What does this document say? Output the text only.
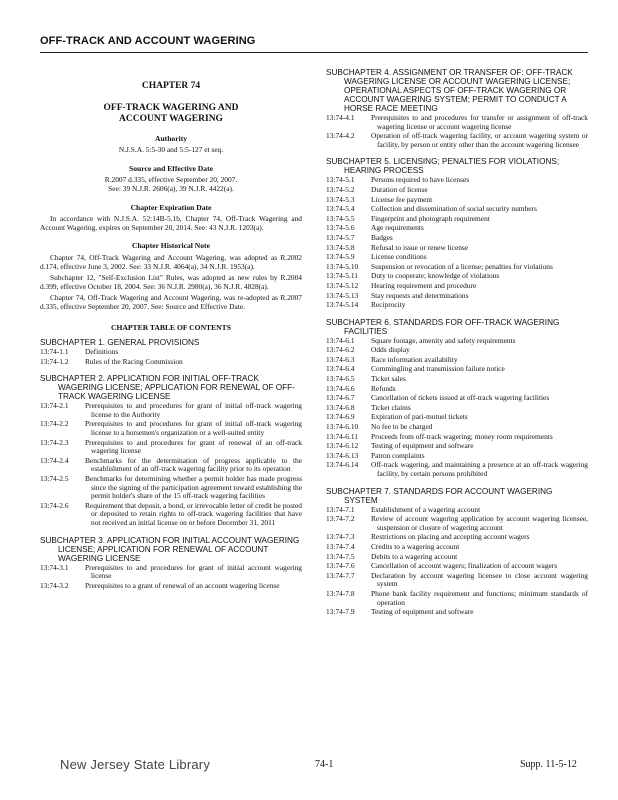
OFF-TRACK AND ACCOUNT WAGERING
CHAPTER 74
OFF-TRACK WAGERING AND
ACCOUNT WAGERING
Authority
N.J.S.A. 5:5-30 and 5:5-127 et seq.
Source and Effective Date
R.2007 d.335, effective September 20, 2007.
See: 39 N.J.R. 2606(a), 39 N.J.R. 4422(a).
Chapter Expiration Date
In accordance with N.J.S.A. 52:14B-5.1b, Chapter 74, Off-Track Wagering and Account Wagering, expires on September 20, 2014. See: 43 N.J.R. 1203(a).
Chapter Historical Note
Chapter 74, Off-Track Wagering and Account Wagering, was adopted as R.2002 d.174, effective June 3, 2002. See: 33 N.J.R. 4064(a), 34 N.J.R. 1953(a).
Subchapter 12, "Self-Exclusion List" Rules, was adopted as new rules by R.2004 d.399, effective October 18, 2004. See: 36 N.J.R. 2980(a), 36 N.J.R. 4828(a).
Chapter 74, Off-Track Wagering and Account Wagering, was re-adopted as R.2007 d.335, effective September 20, 2007. See: Source and Effective Date.
CHAPTER TABLE OF CONTENTS
SUBCHAPTER 1. GENERAL PROVISIONS
13:74-1.1	Definitions
13:74-1.2	Rules of the Racing Commission
SUBCHAPTER 2. APPLICATION FOR INITIAL OFF-TRACK WAGERING LICENSE; APPLICATION FOR RENEWAL OF OFF-TRACK WAGERING LICENSE
13:74-2.1	Prerequisites to and procedures for grant of initial off-track wagering license to the Authority
13:74-2.2	Prerequisites to and procedures for grant of initial off-track wagering license to a horsemen's organization or a well-suited entity
13:74-2.3	Prerequisites to and procedures for grant of renewal of an off-track wagering license
13:74-2.4	Benchmarks for the determination of progress applicable to the establishment of an off-track wagering facility prior to its operation
13:74-2.5	Benchmarks for determining whether a permit holder has made progress since the signing of the participation agreement toward establishing the permit holder's share of the 15 off-track wagering facilities
13:74-2.6	Requirement that deposit, a bond, or irrevocable letter of credit be posted or deposited to retain rights to off-track wagering facilities that have not received an initial license on or before December 31, 2011
SUBCHAPTER 3. APPLICATION FOR INITIAL ACCOUNT WAGERING LICENSE; APPLICATION FOR RENEWAL OF ACCOUNT WAGERING LICENSE
13:74-3.1	Prerequisites to and procedures for grant of initial account wagering license
13:74-3.2	Prerequisites to a grant of renewal of an account wagering license
SUBCHAPTER 4. ASSIGNMENT OR TRANSFER OF: OFF-TRACK WAGERING LICENSE OR ACCOUNT WAGERING LICENSE; OPERATIONAL ASPECTS OF OFF-TRACK WAGERING OR ACCOUNT WAGERING SYSTEM; PERMIT TO CONDUCT A HORSE RACE MEETING
13:74-4.1	Prerequisites to and procedures for transfer or assignment of off-track wagering license or account wagering license
13:74-4.2	Operation of off-track wagering facility, or account wagering system or facility, by person or entity other than the account wagering licensee
SUBCHAPTER 5. LICENSING; PENALTIES FOR VIOLATIONS; HEARING PROCESS
13:74-5.1	Persons required to have licenses
13:74-5.2	Duration of license
13:74-5.3	License fee payment
13:74-5.4	Collection and dissemination of social security numbers
13:74-5.5	Fingerprint and photograph requirement
13:74-5.6	Age requirements
13:74-5.7	Badges
13:74-5.8	Refusal to issue or renew license
13:74-5.9	License conditions
13:74-5.10	Suspension or revocation of a license; penalties for violations
13:74-5.11	Duty to cooperate; knowledge of violations
13:74-5.12	Hearing requirement and procedure
13:74-5.13	Stay requests and determinations
13:74-5.14	Reciprocity
SUBCHAPTER 6. STANDARDS FOR OFF-TRACK WAGERING FACILITIES
13:74-6.1	Square footage, amenity and safety requirements
13:74-6.2	Odds display
13:74-6.3	Race information availability
13:74-6.4	Commingling and transmission failure notice
13:74-6.5	Ticket sales
13:74-6.6	Refunds
13:74-6.7	Cancellation of tickets issued at off-track wagering facilities
13:74-6.8	Ticket claims
13:74-6.9	Expiration of pari-mutuel tickets
13:74-6.10	No fee to be charged
13:74-6.11	Proceeds from off-track wagering; money room requirements
13:74-6.12	Testing of equipment and software
13:74-6.13	Patron complaints
13:74-6.14	Off-track wagering, and maintaining a presence at an off-track wagering facility, by certain persons prohibited
SUBCHAPTER 7. STANDARDS FOR ACCOUNT WAGERING SYSTEM
13:74-7.1	Establishment of a wagering account
13:74-7.2	Review of account wagering application by account wagering licensee, suspension or closure of wagering account
13:74-7.3	Restrictions on placing and accepting account wagers
13:74-7.4	Credits to a wagering account
13:74-7.5	Debits to a wagering account
13:74-7.6	Cancellation of account wagers; finalization of account wagers
13:74-7.7	Declaration by account wagering licensee to close account wagering system
13:74-7.8	Phone bank facility requirement and functions; minimum standards of operation
13:74-7.9	Testing of equipment and software
New Jersey State Library	74-1	Supp. 11-5-12
